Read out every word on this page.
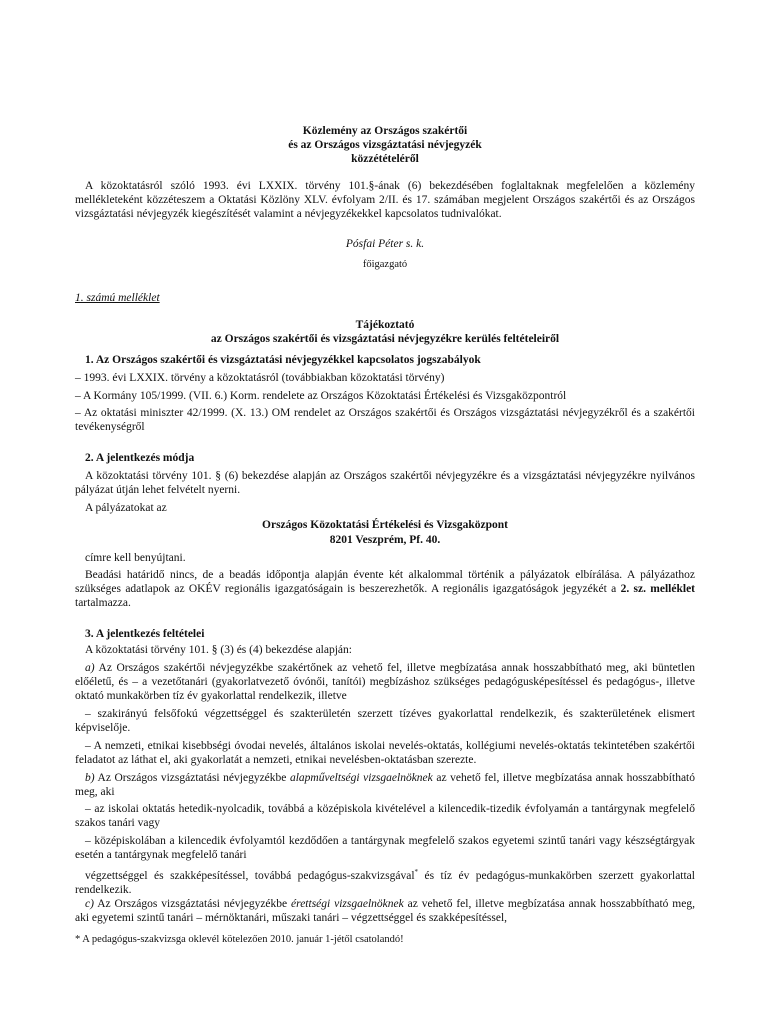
Közlemény az Országos szakértői
és az Országos vizsgáztatási névjegyzék
közzétételéről
A közoktatásról szóló 1993. évi LXXIX. törvény 101.§-ának (6) bekezdésében foglaltaknak megfelelően a közlemény mellékleteként közzéteszem a Oktatási Közlöny XLV. évfolyam 2/II. és 17. számában megjelent Országos szakértői és az Országos vizsgáztatási névjegyzék kiegészítését valamint a névjegyzékekkel kapcsolatos tudnivalókat.
Pósfai Péter s. k.
főigazgató
1. számú melléklet
Tájékoztató
az Országos szakértői és vizsgáztatási névjegyzékre kerülés feltételeiről
1. Az Országos szakértői és vizsgáztatási névjegyzékkel kapcsolatos jogszabályok
– 1993. évi LXXIX. törvény a közoktatásról (továbbiakban közoktatási törvény)
– A Kormány 105/1999. (VII. 6.) Korm. rendelete az Országos Közoktatási Értékelési és Vizsgaközpontról
– Az oktatási miniszter 42/1999. (X. 13.) OM rendelet az Országos szakértői és Országos vizsgáztatási névjegyzékről és a szakértői tevékenységről
2. A jelentkezés módja
A közoktatási törvény 101. § (6) bekezdése alapján az Országos szakértői névjegyzékre és a vizsgáztatási névjegyzékre nyilvános pályázat útján lehet felvételt nyerni.
A pályázatokat az
Országos Közoktatási Értékelési és Vizsgaközpont
8201 Veszprém, Pf. 40.
címre kell benyújtani.
Beadási határidő nincs, de a beadás időpontja alapján évente két alkalommal történik a pályázatok elbírálása. A pályázathoz szükséges adatlapok az OKÉV regionális igazgatóságain is beszerezhetők. A regionális igazgatóságok jegyzékét a 2. sz. melléklet tartalmazza.
3. A jelentkezés feltételei
A közoktatási törvény 101. § (3) és (4) bekezdése alapján:
a) Az Országos szakértői névjegyzékbe szakértőnek az vehető fel, illetve megbízatása annak hosszabbítható meg, aki büntetlen előéletű, és – a vezetőtanári (gyakorlatvezető óvónői, tanítói) megbízáshoz szükséges pedagógusképesítéssel és pedagógus-, illetve oktató munkakörben tíz év gyakorlattal rendelkezik, illetve
– szakirányú felsőfokú végzettséggel és szakterületén szerzett tízéves gyakorlattal rendelkezik, és szakterületének elismert képviselője.
– A nemzeti, etnikai kisebbségi óvodai nevelés, általános iskolai nevelés-oktatás, kollégiumi nevelés-oktatás tekintetében szakértői feladatot az láthat el, aki gyakorlatát a nemzeti, etnikai nevelésben-oktatásban szerezte.
b) Az Országos vizsgáztatási névjegyzékbe alapműveltségi vizsgaelnöknek az vehető fel, illetve megbízatása annak hosszabbítható meg, aki
– az iskolai oktatás hetedik-nyolcadik, továbbá a középiskola kivételével a kilencedik-tizedik évfolyamán a tantárgynak megfelelő szakos tanári vagy
– középiskolában a kilencedik évfolyamtól kezdődően a tantárgynak megfelelő szakos egyetemi szintű tanári vagy készségtárgyak esetén a tantárgynak megfelelő tanári
végzettséggel és szakképesítéssel, továbbá pedagógus-szakvizsgával* és tíz év pedagógus-munkakörben szerzett gyakorlattal rendelkezik.
c) Az Országos vizsgáztatási névjegyzékbe érettségi vizsgaelnöknek az vehető fel, illetve megbízatása annak hosszabbítható meg, aki egyetemi szintű tanári – mérnöktanári, műszaki tanári – végzettséggel és szakképesítéssel,
* A pedagógus-szakvizsga oklevél kötelezően 2010. január 1-jétől csatolandó!
